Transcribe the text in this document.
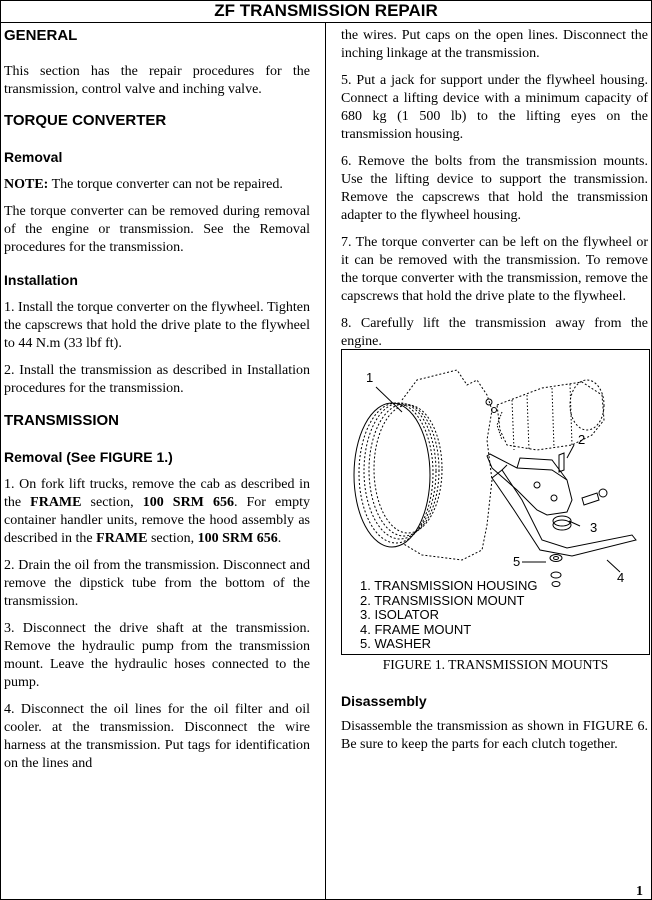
ZF TRANSMISSION REPAIR
GENERAL

This section has the repair procedures for the transmission, control valve and inching valve.

TORQUE CONVERTER
Removal

NOTE: The torque converter can not be repaired.

The torque converter can be removed during removal of the engine or transmission. See the Removal procedures for the transmission.

Installation

1. Install the torque converter on the flywheel. Tighten the capscrews that hold the drive plate to the flywheel to 44 N.m (33 lbf ft).

2. Install the transmission as described in Installation procedures for the transmission.

TRANSMISSION
Removal (See FIGURE 1.)

1. On fork lift trucks, remove the cab as described in the FRAME section, 100 SRM 656. For empty container handler units, remove the hood assembly as described in the FRAME section, 100 SRM 656.

2. Drain the oil from the transmission. Disconnect and remove the dipstick tube from the bottom of the transmission.

3. Disconnect the drive shaft at the transmission. Remove the hydraulic pump from the transmission mount. Leave the hydraulic hoses connected to the pump.

4. Disconnect the oil lines for the oil filter and oil cooler. at the transmission. Disconnect the wire harness at the transmission. Put tags for identification on the lines and

the wires. Put caps on the open lines. Disconnect the inching linkage at the transmission.

5. Put a jack for support under the flywheel housing. Connect a lifting device with a minimum capacity of 680 kg (1 500 lb) to the lifting eyes on the transmission housing.

6. Remove the bolts from the transmission mounts. Use the lifting device to support the transmission. Remove the capscrews that hold the transmission adapter to the flywheel housing.

7. The torque converter can be left on the flywheel or it can be removed with the transmission. To remove the torque converter with the transmission, remove the capscrews that hold the drive plate to the flywheel.

8. Carefully lift the transmission away from the engine.

1
2
3
4
5
1. TRANSMISSION HOUSING
2. TRANSMISSION MOUNT
3. ISOLATOR
4. FRAME MOUNT
5. WASHER
FIGURE 1. TRANSMISSION MOUNTS
Disassembly

Disassemble the transmission as shown in FIGURE 6. Be sure to keep the parts for each clutch together.

1
